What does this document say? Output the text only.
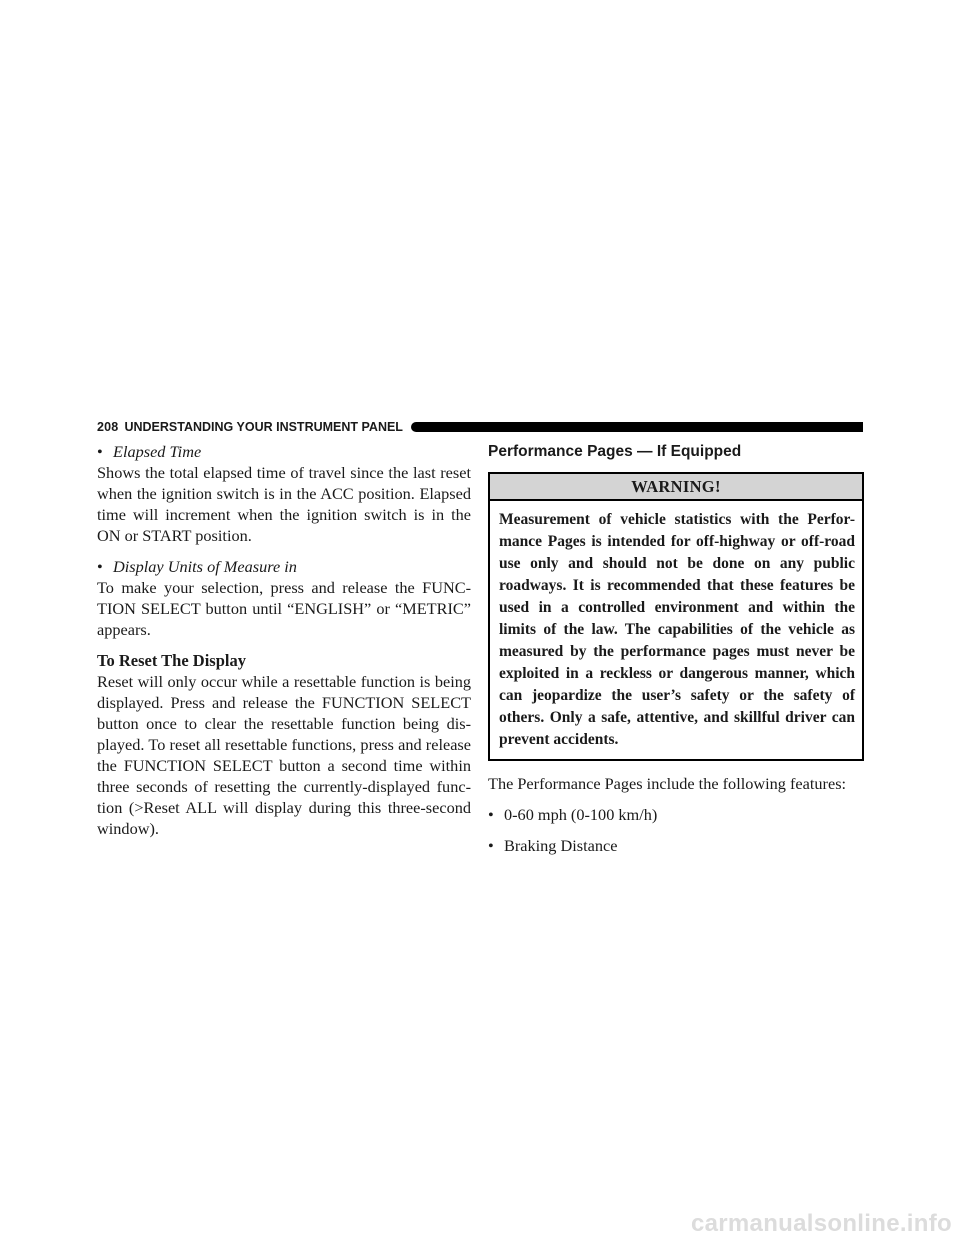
208 UNDERSTANDING YOUR INSTRUMENT PANEL
• Elapsed Time

Shows the total elapsed time of travel since the last reset when the ignition switch is in the ACC position. Elapsed time will increment when the ignition switch is in the ON or START position.

• Display Units of Measure in

To make your selection, press and release the FUNC-TION SELECT button until “ENGLISH” or “METRIC” appears.

To Reset The Display

Reset will only occur while a resettable function is being displayed. Press and release the FUNCTION SELECT button once to clear the resettable function being dis-played. To reset all resettable functions, press and release the FUNCTION SELECT button a second time within three seconds of resetting the currently-displayed func-tion (>Reset ALL will display during this three-second window).

Performance Pages — If Equipped
WARNING!
Measurement of vehicle statistics with the Perfor-mance Pages is intended for off-highway or off-road use only and should not be done on any public roadways. It is recommended that these features be used in a controlled environment and within the limits of the law. The capabilities of the vehicle as measured by the performance pages must never be exploited in a reckless or dangerous manner, which can jeopardize the user’s safety or the safety of others. Only a safe, attentive, and skillful driver can prevent accidents.

The Performance Pages include the following features:

• 0-60 mph (0-100 km/h)
• Braking Distance
carmanualsonline.info
